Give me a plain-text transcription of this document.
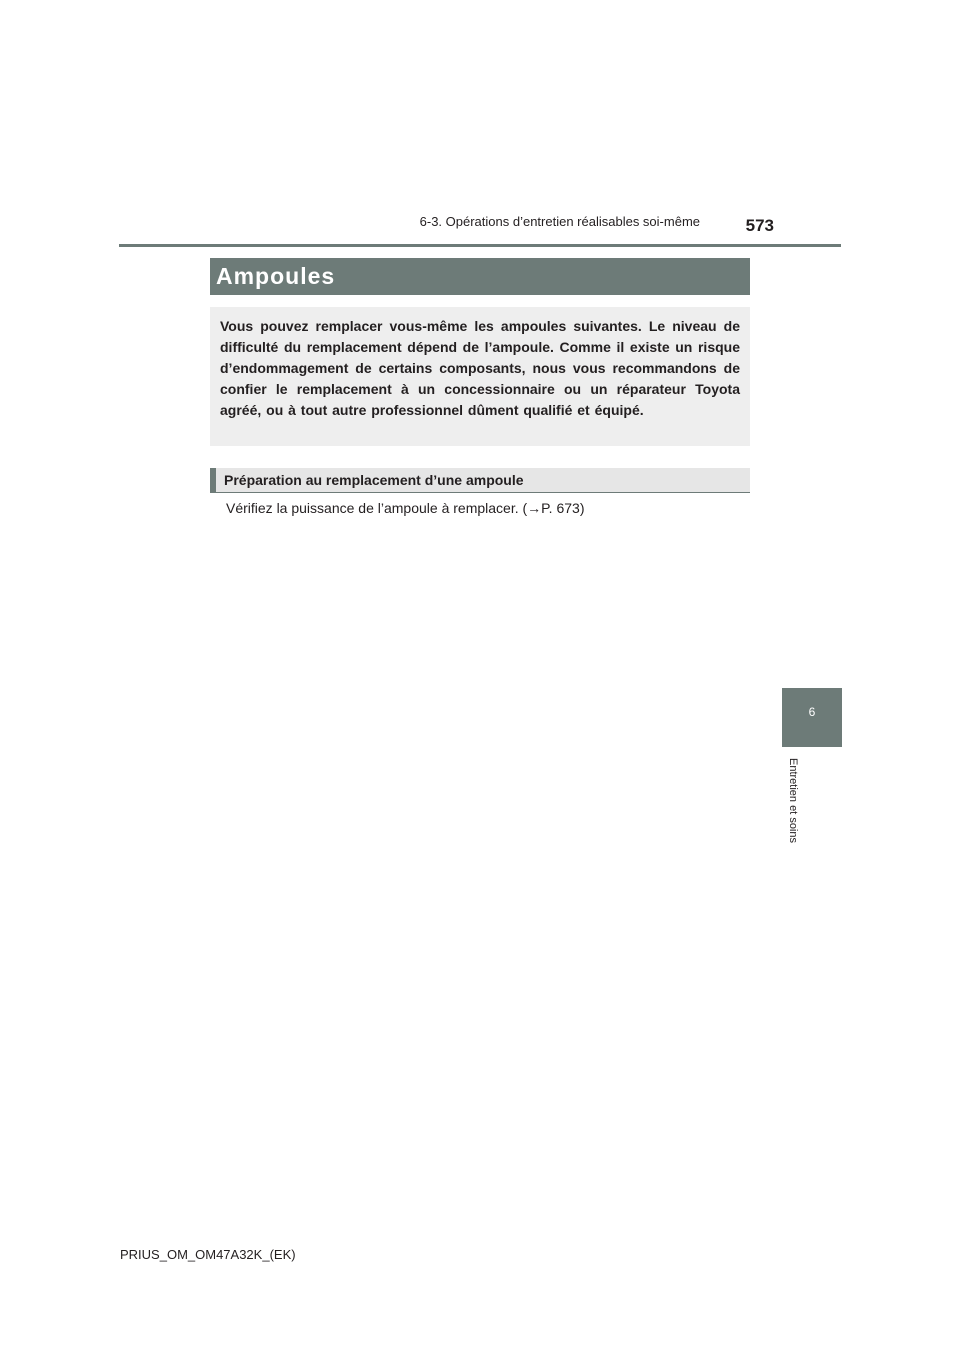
6-3. Opérations d’entretien réalisables soi-même	573
6
Entretien et soins
Ampoules

Vous pouvez remplacer vous-même les ampoules suivantes. Le niveau de difficulté du remplacement dépend de l’ampoule. Comme il existe un risque d’endommagement de certains composants, nous vous recommandons de confier le remplacement à un concessionnaire ou un réparateur Toyota agréé, ou à tout autre professionnel dûment qualifié et équipé.

Préparation au remplacement d’une ampoule
Vérifiez la puissance de l’ampoule à remplacer. (→P. 673)
PRIUS_OM_OM47A32K_(EK)
